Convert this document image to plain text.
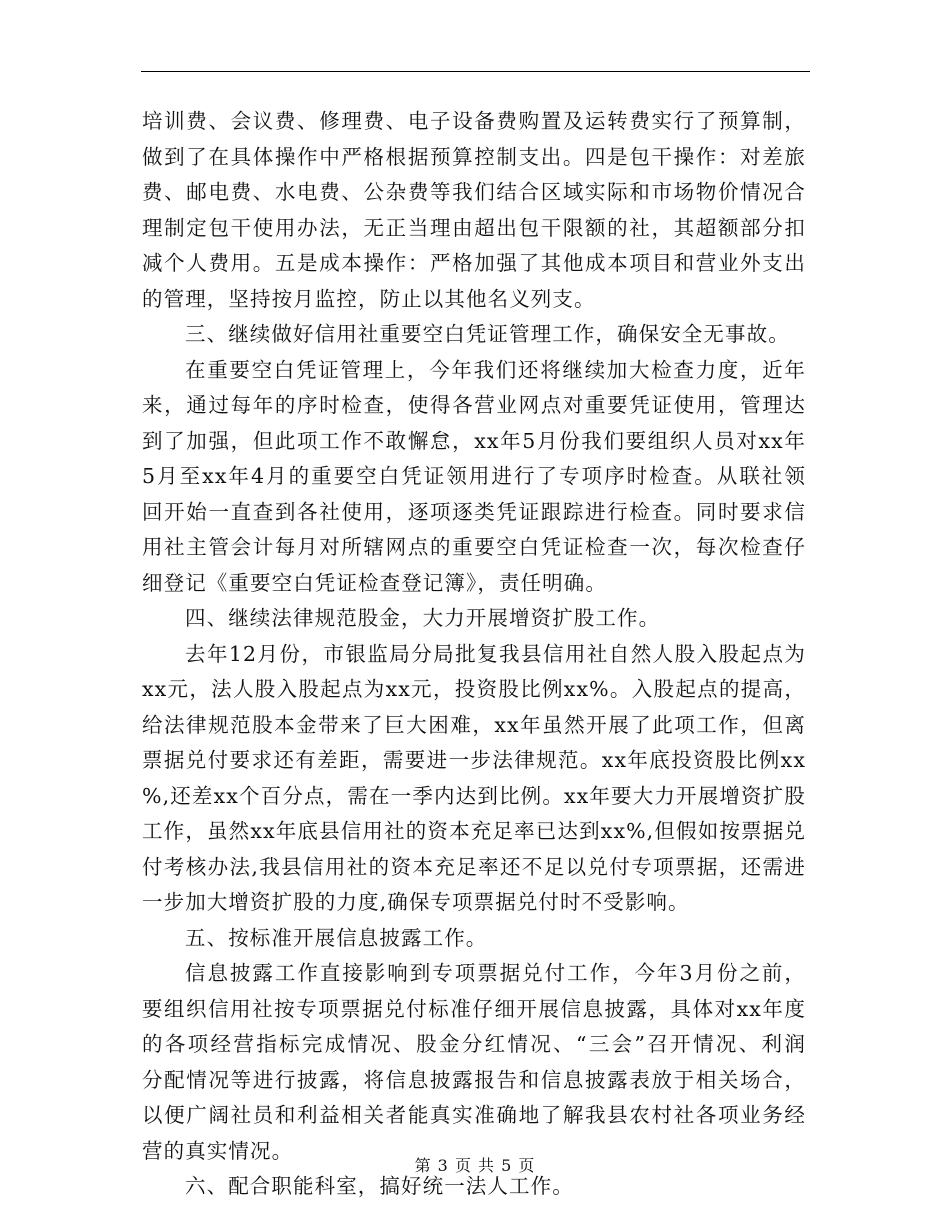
培训费、会议费、修理费、电子设备费购置及运转费实行了预算制，
做到了在具体操作中严格根据预算控制支出。四是包干操作：对差旅
费、邮电费、水电费、公杂费等我们结合区域实际和市场物价情况合
理制定包干使用办法，无正当理由超出包干限额的社，其超额部分扣
减个人费用。五是成本操作：严格加强了其他成本项目和营业外支出
的管理，坚持按月监控，防止以其他名义列支。
三、继续做好信用社重要空白凭证管理工作，确保安全无事故。
在重要空白凭证管理上，今年我们还将继续加大检查力度，近年
来，通过每年的序时检查，使得各营业网点对重要凭证使用，管理达
到了加强，但此项工作不敢懈怠，xx年5月份我们要组织人员对xx年
5月至xx年4月的重要空白凭证领用进行了专项序时检查。从联社领
回开始一直查到各社使用，逐项逐类凭证跟踪进行检查。同时要求信
用社主管会计每月对所辖网点的重要空白凭证检查一次，每次检查仔
细登记《重要空白凭证检查登记簿》，责任明确。
四、继续法律规范股金，大力开展增资扩股工作。
去年12月份，市银监局分局批复我县信用社自然人股入股起点为
xx元，法人股入股起点为xx元，投资股比例xx%。入股起点的提高，
给法律规范股本金带来了巨大困难，xx年虽然开展了此项工作，但离
票据兑付要求还有差距，需要进一步法律规范。xx年底投资股比例xx
%,还差xx个百分点，需在一季内达到比例。xx年要大力开展增资扩股
工作，虽然xx年底县信用社的资本充足率已达到xx%,但假如按票据兑
付考核办法,我县信用社的资本充足率还不足以兑付专项票据，还需进
一步加大增资扩股的力度,确保专项票据兑付时不受影响。
五、按标准开展信息披露工作。
信息披露工作直接影响到专项票据兑付工作，今年3月份之前，
要组织信用社按专项票据兑付标准仔细开展信息披露，具体对xx年度
的各项经营指标完成情况、股金分红情况、“三会”召开情况、利润
分配情况等进行披露，将信息披露报告和信息披露表放于相关场合，
以便广阔社员和利益相关者能真实准确地了解我县农村社各项业务经
营的真实情况。
六、配合职能科室，搞好统一法人工作。
第 3 页 共 5 页
